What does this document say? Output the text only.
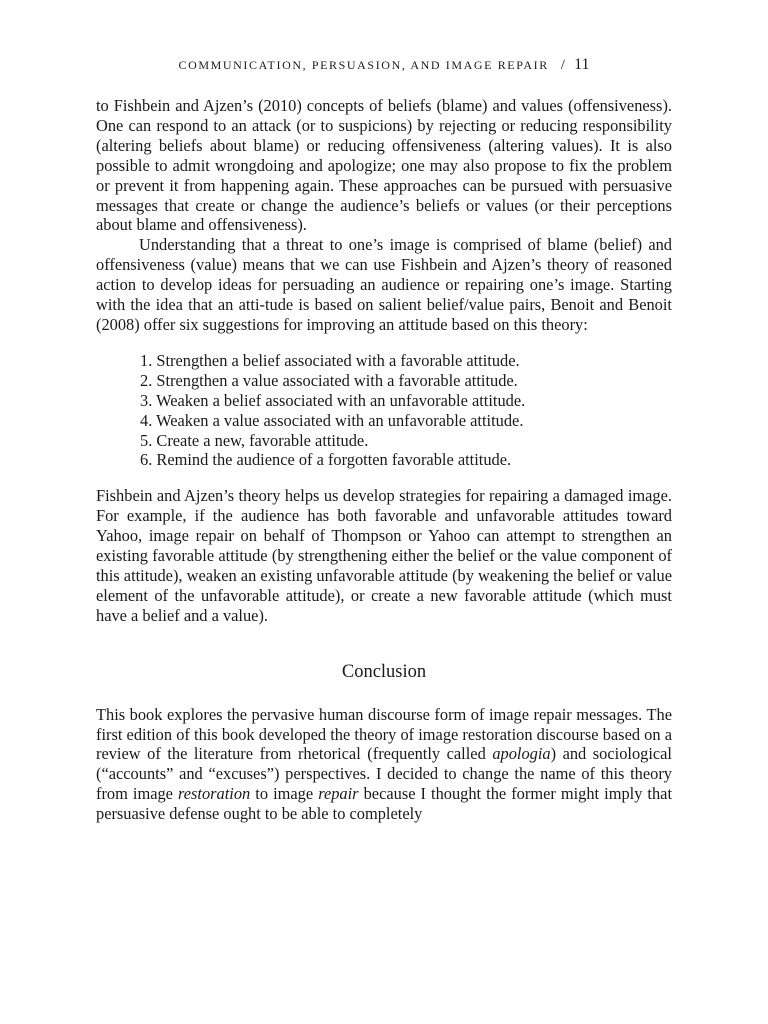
COMMUNICATION, PERSUASION, AND IMAGE REPAIR / 11

to Fishbein and Ajzen’s (2010) concepts of beliefs (blame) and values (offensiveness). One can respond to an attack (or to suspicions) by rejecting or reducing responsibility (altering beliefs about blame) or reducing offensiveness (altering values). It is also possible to admit wrongdoing and apologize; one may also propose to fix the problem or prevent it from happening again. These approaches can be pursued with persuasive messages that create or change the audience’s beliefs or values (or their perceptions about blame and offensiveness).

Understanding that a threat to one’s image is comprised of blame (belief) and offensiveness (value) means that we can use Fishbein and Ajzen’s theory of reasoned action to develop ideas for persuading an audience or repairing one’s image. Starting with the idea that an atti-tude is based on salient belief/value pairs, Benoit and Benoit (2008) offer six suggestions for improving an attitude based on this theory:

1. Strengthen a belief associated with a favorable attitude.
2. Strengthen a value associated with a favorable attitude.
3. Weaken a belief associated with an unfavorable attitude.
4. Weaken a value associated with an unfavorable attitude.
5. Create a new, favorable attitude.
6. Remind the audience of a forgotten favorable attitude.

Fishbein and Ajzen’s theory helps us develop strategies for repairing a damaged image. For example, if the audience has both favorable and unfavorable attitudes toward Yahoo, image repair on behalf of Thompson or Yahoo can attempt to strengthen an existing favorable attitude (by strengthening either the belief or the value component of this attitude), weaken an existing unfavorable attitude (by weakening the belief or value element of the unfavorable attitude), or create a new favorable attitude (which must have a belief and a value).

Conclusion

This book explores the pervasive human discourse form of image repair messages. The first edition of this book developed the theory of image restoration discourse based on a review of the literature from rhetorical (frequently called apologia) and sociological (“accounts” and “excuses”) perspectives. I decided to change the name of this theory from image restoration to image repair because I thought the former might imply that persuasive defense ought to be able to completely
